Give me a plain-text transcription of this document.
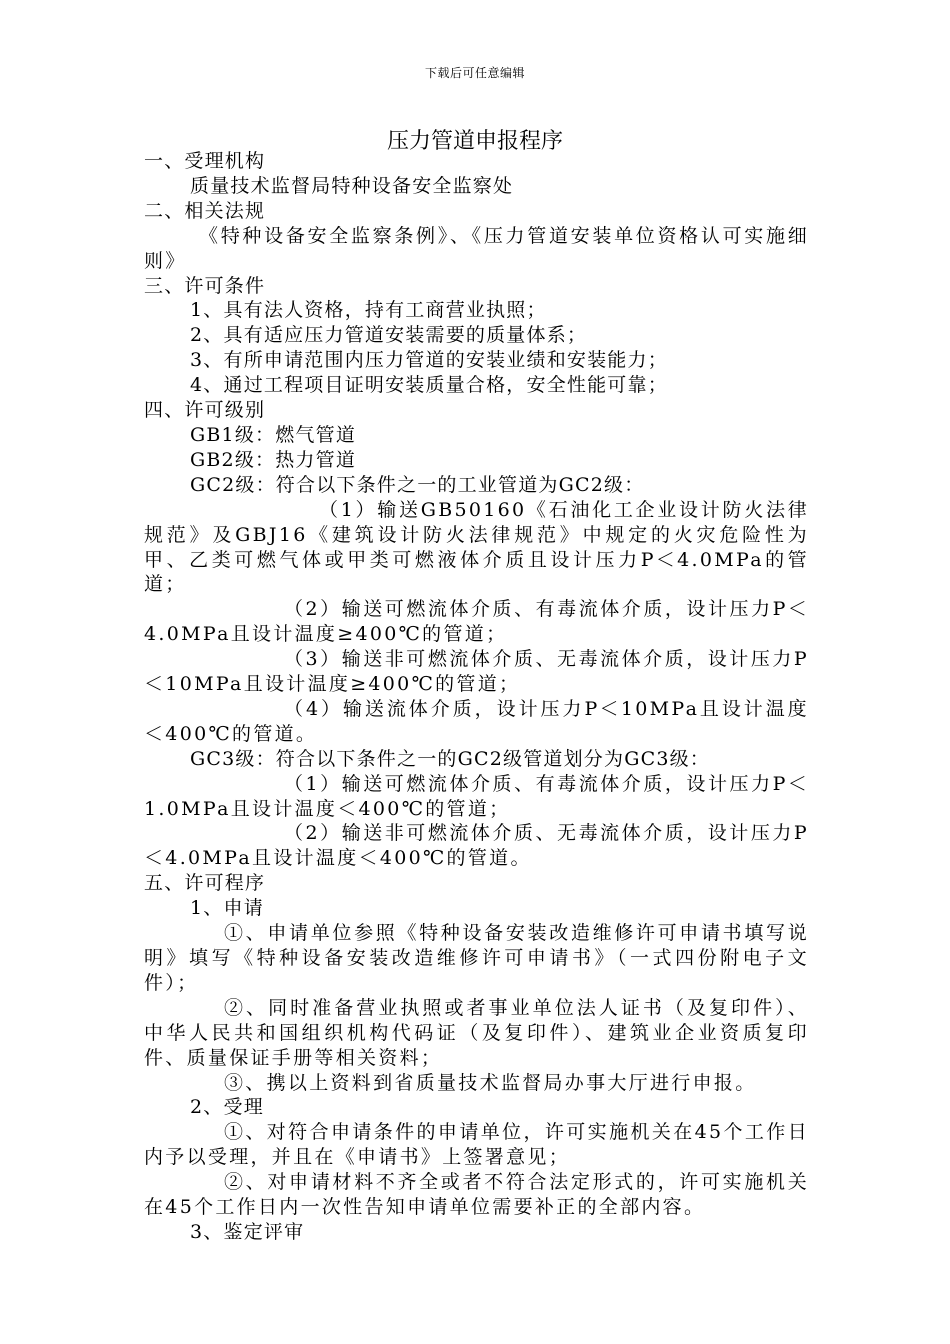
下载后可任意编辑
压力管道申报程序
一、受理机构
质量技术监督局特种设备安全监察处
二、相关法规
《特种设备安全监察条例》、《压力管道安装单位资格认可实施细则》
三、许可条件
1、具有法人资格，持有工商营业执照；
2、具有适应压力管道安装需要的质量体系；
3、有所申请范围内压力管道的安装业绩和安装能力；
4、通过工程项目证明安装质量合格，安全性能可靠；
四、许可级别
GB1级：燃气管道
GB2级：热力管道
GC2级：符合以下条件之一的工业管道为GC2级：
（1）输送GB50160《石油化工企业设计防火法律规范》及GBJ16《建筑设计防火法律规范》中规定的火灾危险性为甲、乙类可燃气体或甲类可燃液体介质且设计压力P＜4.0MPa的管道；
（2）输送可燃流体介质、有毒流体介质，设计压力P＜4.0MPa且设计温度≥400℃的管道；
（3）输送非可燃流体介质、无毒流体介质，设计压力P＜10MPa且设计温度≥400℃的管道；
（4）输送流体介质，设计压力P＜10MPa且设计温度＜400℃的管道。
GC3级：符合以下条件之一的GC2级管道划分为GC3级：
（1）输送可燃流体介质、有毒流体介质，设计压力P＜1.0MPa且设计温度＜400℃的管道；
（2）输送非可燃流体介质、无毒流体介质，设计压力P＜4.0MPa且设计温度＜400℃的管道。
五、许可程序
1、申请
①、申请单位参照《特种设备安装改造维修许可申请书填写说明》填写《特种设备安装改造维修许可申请书》（一式四份附电子文件）；
②、同时准备营业执照或者事业单位法人证书（及复印件）、中华人民共和国组织机构代码证（及复印件）、建筑业企业资质复印件、质量保证手册等相关资料；
③、携以上资料到省质量技术监督局办事大厅进行申报。
2、受理
①、对符合申请条件的申请单位，许可实施机关在45个工作日内予以受理，并且在《申请书》上签署意见；
②、对申请材料不齐全或者不符合法定形式的，许可实施机关在45个工作日内一次性告知申请单位需要补正的全部内容。
3、鉴定评审
